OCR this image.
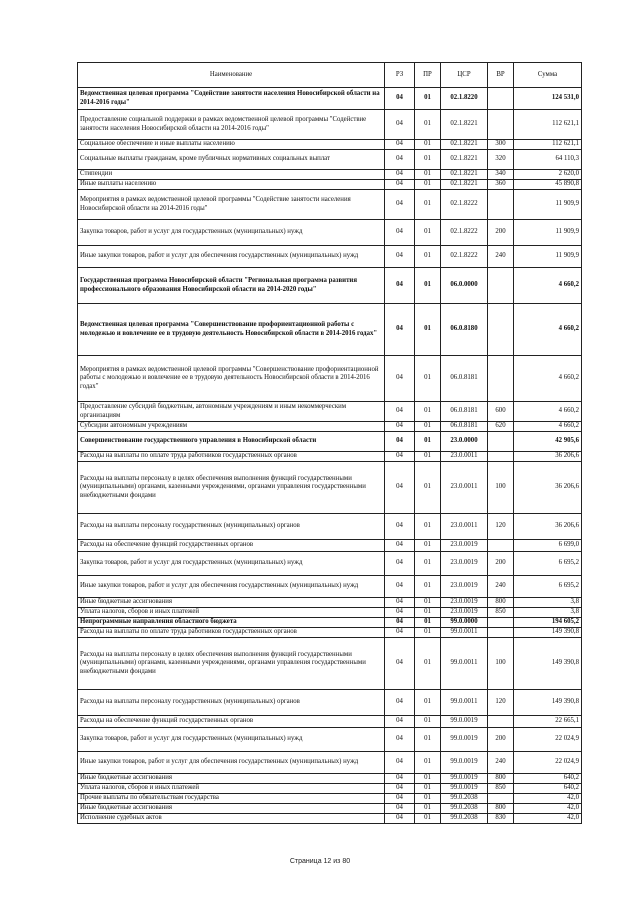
Наименование	РЗ	ПР	ЦСР	ВР	Сумма
Ведомственная целевая программа "Содействие занятости населения Новосибирской области на 2014-2016 годы"	04	01	02.1.8220		124 531,0
Предоставление социальной поддержки в рамках ведомственной целевой программы "Содействие занятости населения Новосибирской области на 2014-2016 годы"	04	01	02.1.8221		112 621,1
Социальное обеспечение и иные выплаты населению	04	01	02.1.8221	300	112 621,1
Социальные выплаты гражданам, кроме публичных нормативных социальных выплат	04	01	02.1.8221	320	64 110,3
Стипендии	04	01	02.1.8221	340	2 620,0
Иные выплаты населению	04	01	02.1.8221	360	45 890,8
Мероприятия в рамках ведомственной целевой программы "Содействие занятости населения Новосибирской области на 2014-2016 годы"	04	01	02.1.8222		11 909,9
Закупка товаров, работ и услуг для государственных (муниципальных) нужд	04	01	02.1.8222	200	11 909,9
Иные закупки товаров, работ и услуг для обеспечения государственных (муниципальных) нужд	04	01	02.1.8222	240	11 909,9
Государственная программа Новосибирской области "Региональная программа развития профессионального образования Новосибирской области на 2014-2020 годы"	04	01	06.0.0000		4 660,2
Ведомственная целевая программа "Совершенствование профориентационной работы с молодежью и вовлечение ее в трудовую деятельность Новосибирской области в 2014-2016 годах"	04	01	06.0.8180		4 660,2
Мероприятия в рамках ведомственной целевой программы "Совершенствование профориентационной работы с молодежью и вовлечение ее в трудовую деятельность Новосибирской области в 2014-2016 годах"	04	01	06.0.8181		4 660,2
Предоставление субсидий бюджетным, автономным учреждениям и иным некоммерческим организациям	04	01	06.0.8181	600	4 660,2
Субсидии автономным учреждениям	04	01	06.0.8181	620	4 660,2
Совершенствование государственного управления в Новосибирской области	04	01	23.0.0000		42 905,6
Расходы на выплаты по оплате труда работников государственных органов	04	01	23.0.0011		36 206,6
Расходы на выплаты персоналу в целях обеспечения выполнения функций государственными (муниципальными) органами, казенными учреждениями, органами управления государственными внебюджетными фондами	04	01	23.0.0011	100	36 206,6
Расходы на выплаты персоналу государственных (муниципальных) органов	04	01	23.0.0011	120	36 206,6
Расходы на обеспечение функций государственных органов	04	01	23.0.0019		6 699,0
Закупка товаров, работ и услуг для государственных (муниципальных) нужд	04	01	23.0.0019	200	6 695,2
Иные закупки товаров, работ и услуг для обеспечения государственных (муниципальных) нужд	04	01	23.0.0019	240	6 695,2
Иные бюджетные ассигнования	04	01	23.0.0019	800	3,8
Уплата налогов, сборов и иных платежей	04	01	23.0.0019	850	3,8
Непрограммные направления областного бюджета	04	01	99.0.0000		194 605,2
Расходы на выплаты по оплате труда работников государственных органов	04	01	99.0.0011		149 390,8
Расходы на выплаты персоналу в целях обеспечения выполнения функций государственными (муниципальными) органами, казенными учреждениями, органами управления государственными внебюджетными фондами	04	01	99.0.0011	100	149 390,8
Расходы на выплаты персоналу государственных (муниципальных) органов	04	01	99.0.0011	120	149 390,8
Расходы на обеспечение функций государственных органов	04	01	99.0.0019		22 665,1
Закупка товаров, работ и услуг для государственных (муниципальных) нужд	04	01	99.0.0019	200	22 024,9
Иные закупки товаров, работ и услуг для обеспечения государственных (муниципальных) нужд	04	01	99.0.0019	240	22 024,9
Иные бюджетные ассигнования	04	01	99.0.0019	800	640,2
Уплата налогов, сборов и иных платежей	04	01	99.0.0019	850	640,2
Прочие выплаты по обязательствам государства	04	01	99.0.2038		42,0
Иные бюджетные ассигнования	04	01	99.0.2038	800	42,0
Исполнение судебных актов	04	01	99.0.2038	830	42,0
Страница 12 из 80
